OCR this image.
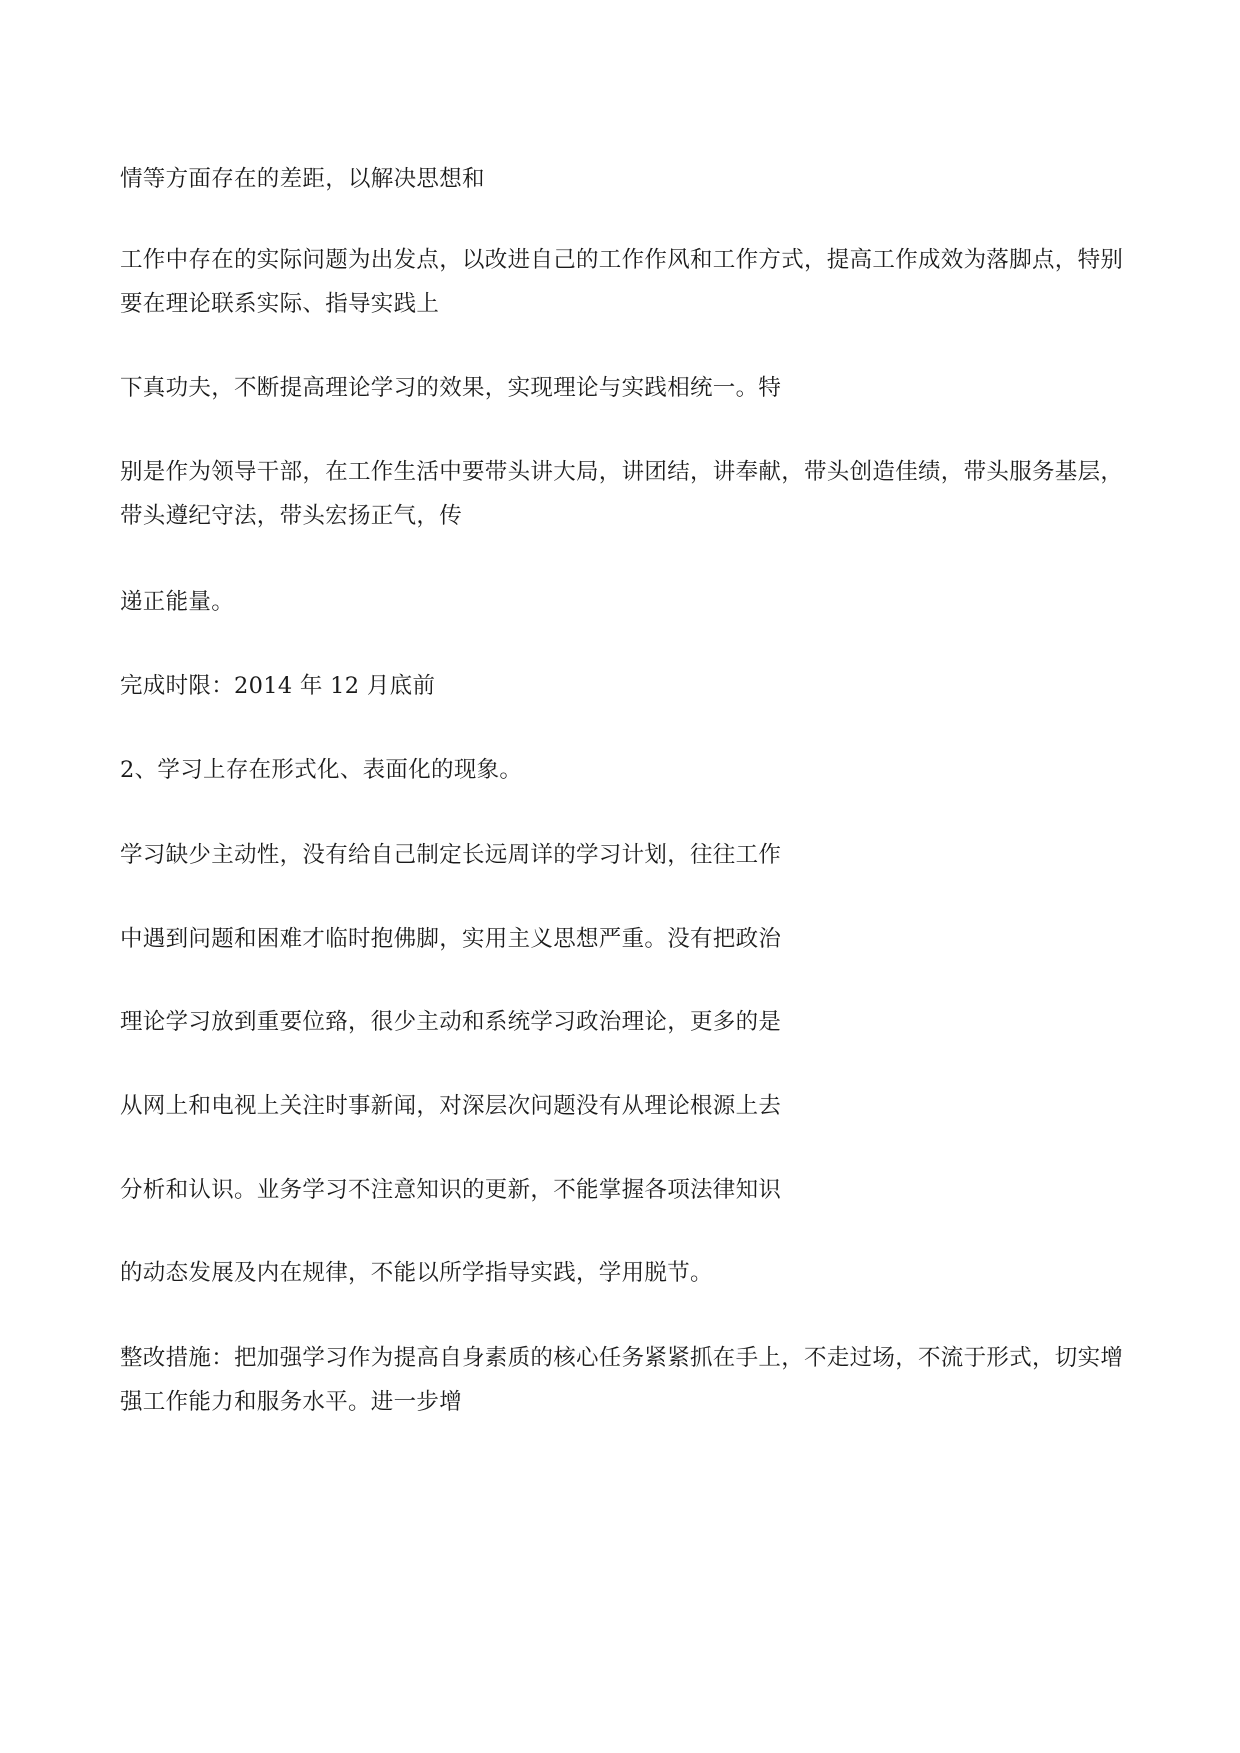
情等方面存在的差距，以解决思想和

工作中存在的实际问题为出发点，以改进自己的工作作风和工作方式，提高工作成效为落脚点，特别要在理论联系实际、指导实践上

下真功夫，不断提高理论学习的效果，实现理论与实践相统一。特

别是作为领导干部，在工作生活中要带头讲大局，讲团结，讲奉献，带头创造佳绩，带头服务基层，带头遵纪守法，带头宏扬正气，传

递正能量。

完成时限：2014 年 12 月底前

2、学习上存在形式化、表面化的现象。

学习缺少主动性，没有给自己制定长远周详的学习计划，往往工作

中遇到问题和困难才临时抱佛脚，实用主义思想严重。没有把政治

理论学习放到重要位臵，很少主动和系统学习政治理论，更多的是

从网上和电视上关注时事新闻，对深层次问题没有从理论根源上去

分析和认识。业务学习不注意知识的更新，不能掌握各项法律知识

的动态发展及内在规律，不能以所学指导实践，学用脱节。

整改措施：把加强学习作为提高自身素质的核心任务紧紧抓在手上，不走过场，不流于形式，切实增强工作能力和服务水平。进一步增
